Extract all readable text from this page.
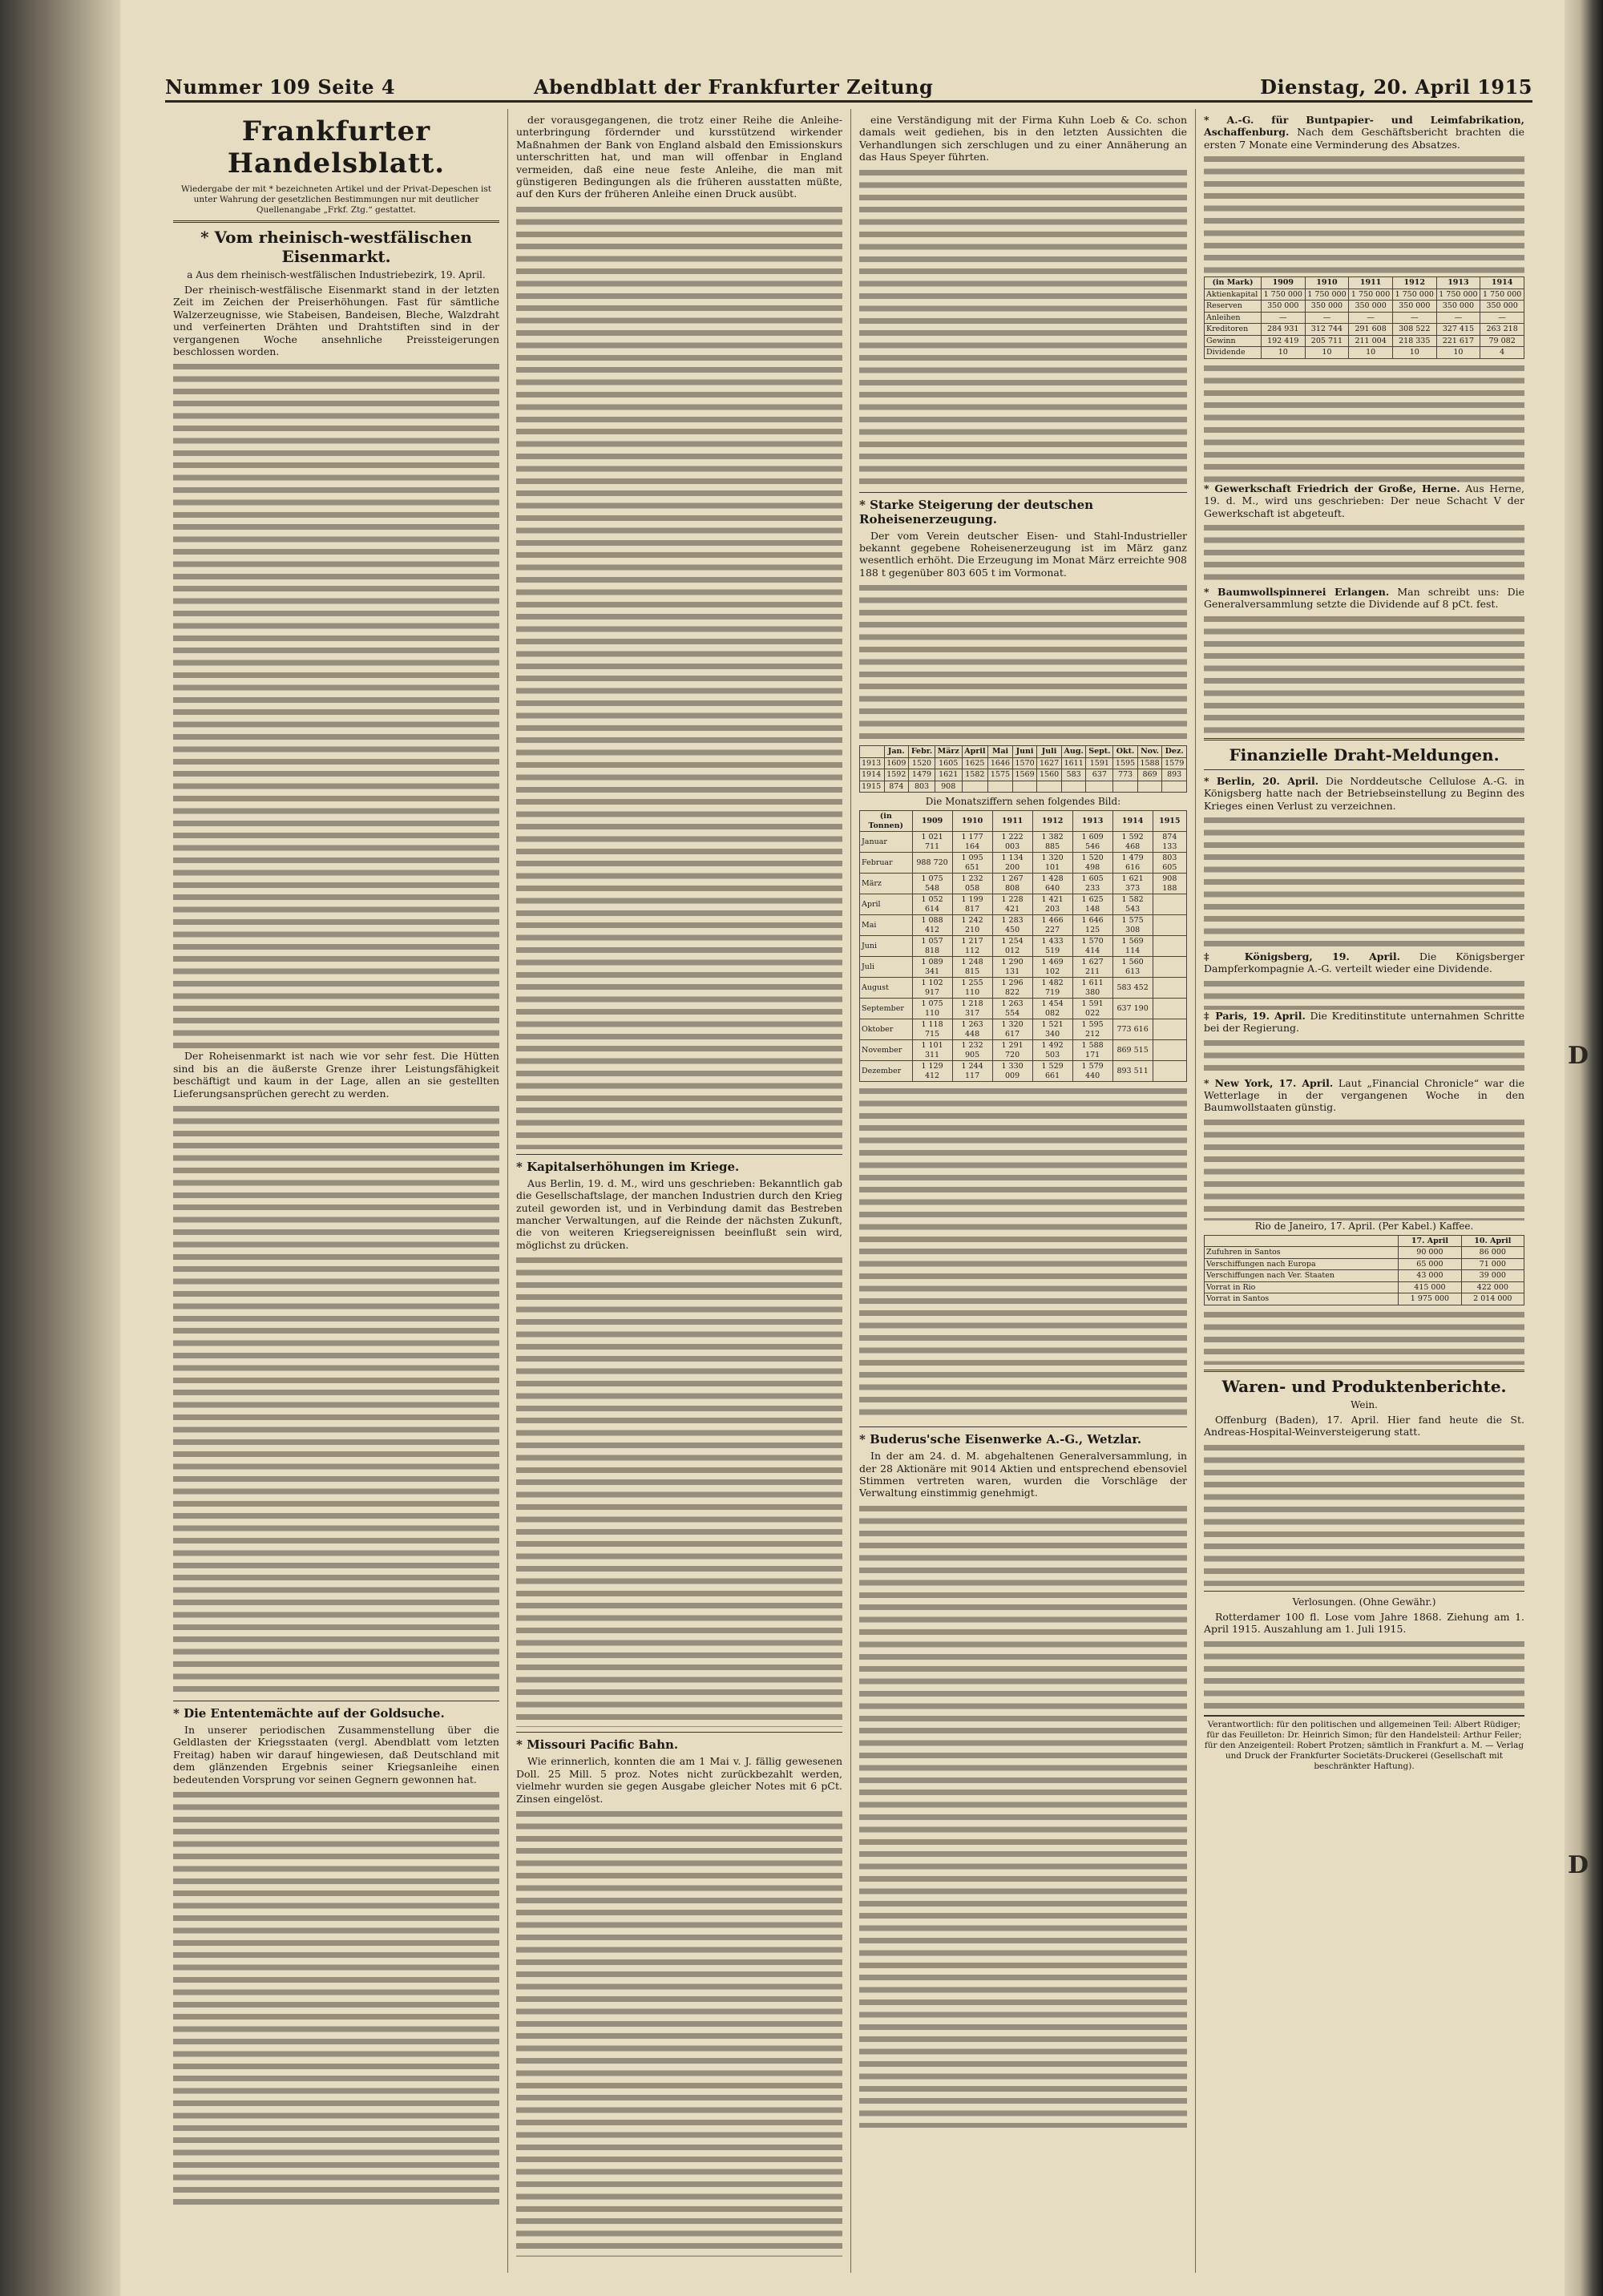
Nummer 109 Seite 4	Abendblatt der Frankfurter Zeitung	Dienstag, 20. April 1915
Frankfurter Handelsblatt.
Wiedergabe der mit * bezeichneten Artikel und der Privat-Depeschen ist unter Wahrung der gesetzlichen Bestimmungen nur mit deutlicher Quellenangabe „Frkf. Ztg.“ gestattet.
* Vom rheinisch-westfälischen Eisenmarkt.
a Aus dem rheinisch-westfälischen Industriebezirk, 19. April.

Der rheinisch-westfälische Eisenmarkt stand in der letzten Zeit im Zeichen der Preiserhöhungen. Fast für sämtliche Walzerzeugnisse, wie Stabeisen, Bandeisen, Bleche, Walzdraht und verfeinerten Drähten und Drahtstiften sind in der vergangenen Woche ansehnliche Preissteigerungen beschlossen worden.

Der Roheisenmarkt ist nach wie vor sehr fest. Die Hütten sind bis an die äußerste Grenze ihrer Leistungsfähigkeit beschäftigt und kaum in der Lage, allen an sie gestellten Lieferungsansprüchen gerecht zu werden.

* Die Ententemächte auf der Goldsuche.

In unserer periodischen Zusammenstellung über die Geldlasten der Kriegsstaaten (vergl. Abendblatt vom letzten Freitag) haben wir darauf hingewiesen, daß Deutschland mit dem glänzenden Ergebnis seiner Kriegsanleihe einen bedeutenden Vorsprung vor seinen Gegnern gewonnen hat.

der vorausgegangenen, die trotz einer Reihe die Anleihe-unterbringung fördernder und kursstützend wirkender Maßnahmen der Bank von England alsbald den Emissionskurs unterschritten hat, und man will offenbar in England vermeiden, daß eine neue feste Anleihe, die man mit günstigeren Bedingungen als die früheren ausstatten müßte, auf den Kurs der früheren Anleihe einen Druck ausübt.

* Kapitalserhöhungen im Kriege.

Aus Berlin, 19. d. M., wird uns geschrieben: Bekanntlich gab die Gesellschaftslage, der manchen Industrien durch den Krieg zuteil geworden ist, und in Verbindung damit das Bestreben mancher Verwaltungen, auf die Reinde der nächsten Zukunft, die von weiteren Kriegsereignissen beeinflußt sein wird, möglichst zu drücken.

* Missouri Pacific Bahn.

Wie erinnerlich, konnten die am 1 Mai v. J. fällig gewesenen Doll. 25 Mill. 5 proz. Notes nicht zurückbezahlt werden, vielmehr wurden sie gegen Ausgabe gleicher Notes mit 6 pCt. Zinsen eingelöst.

eine Verständigung mit der Firma Kuhn Loeb & Co. schon damals weit gediehen, bis in den letzten Aussichten die Verhandlungen sich zerschlugen und zu einer Annäherung an das Haus Speyer führten.

* Starke Steigerung der deutschen Roheisenerzeugung.

Der vom Verein deutscher Eisen- und Stahl-Industrieller bekannt gegebene Roheisenerzeugung ist im März ganz wesentlich erhöht. Die Erzeugung im Monat März erreichte 908 188 t gegenüber 803 605 t im Vormonat.

	Jan.	Febr.	März	April	Mai	Juni	Juli	Aug.	Sept.	Okt.	Nov.	Dez.
1913	1609	1520	1605	1625	1646	1570	1627	1611	1591	1595	1588	1579
1914	1592	1479	1621	1582	1575	1569	1560	583	637	773	869	893
1915	874	803	908									
Die Monatsziffern sehen folgendes Bild:
(in Tonnen)	1909	1910	1911	1912	1913	1914	1915
Januar	1 021 711	1 177 164	1 222 003	1 382 885	1 609 546	1 592 468	874 133
Februar	988 720	1 095 651	1 134 200	1 320 101	1 520 498	1 479 616	803 605
März	1 075 548	1 232 058	1 267 808	1 428 640	1 605 233	1 621 373	908 188
April	1 052 614	1 199 817	1 228 421	1 421 203	1 625 148	1 582 543	
Mai	1 088 412	1 242 210	1 283 450	1 466 227	1 646 125	1 575 308	
Juni	1 057 818	1 217 112	1 254 012	1 433 519	1 570 414	1 569 114	
Juli	1 089 341	1 248 815	1 290 131	1 469 102	1 627 211	1 560 613	
August	1 102 917	1 255 110	1 296 822	1 482 719	1 611 380	583 452	
September	1 075 110	1 218 317	1 263 554	1 454 082	1 591 022	637 190	
Oktober	1 118 715	1 263 448	1 320 617	1 521 340	1 595 212	773 616	
November	1 101 311	1 232 905	1 291 720	1 492 503	1 588 171	869 515	
Dezember	1 129 412	1 244 117	1 330 009	1 529 661	1 579 440	893 511	
* Buderus'sche Eisenwerke A.-G., Wetzlar.

In der am 24. d. M. abgehaltenen Generalversammlung, in der 28 Aktionäre mit 9014 Aktien und entsprechend ebensoviel Stimmen vertreten waren, wurden die Vorschläge der Verwaltung einstimmig genehmigt.

* A.-G. für Buntpapier- und Leimfabrikation, Aschaffenburg. Nach dem Geschäftsbericht brachten die ersten 7 Monate eine Verminderung des Absatzes.
(in Mark)	1909	1910	1911	1912	1913	1914
Aktienkapital	1 750 000	1 750 000	1 750 000	1 750 000	1 750 000	1 750 000
Reserven	350 000	350 000	350 000	350 000	350 000	350 000
Anleihen	—	—	—	—	—	—
Kreditoren	284 931	312 744	291 608	308 522	327 415	263 218
Gewinn	192 419	205 711	211 004	218 335	221 617	79 082
Dividende	10	10	10	10	10	4
* Gewerkschaft Friedrich der Große, Herne. Aus Herne, 19. d. M., wird uns geschrieben: Der neue Schacht V der Gewerkschaft ist abgeteuft.
* Baumwollspinnerei Erlangen. Man schreibt uns: Die Generalversammlung setzte die Dividende auf 8 pCt. fest.
Finanzielle Draht-Meldungen.
* Berlin, 20. April. Die Norddeutsche Cellulose A.-G. in Königsberg hatte nach der Betriebseinstellung zu Beginn des Krieges einen Verlust zu verzeichnen.
‡ Königsberg, 19. April. Die Königsberger Dampferkompagnie A.-G. verteilt wieder eine Dividende.
‡ Paris, 19. April. Die Kreditinstitute unternahmen Schritte bei der Regierung.
* New York, 17. April. Laut „Financial Chronicle“ war die Wetterlage in der vergangenen Woche in den Baumwollstaaten günstig.
Rio de Janeiro, 17. April. (Per Kabel.) Kaffee.
	17. April	10. April
Zufuhren in Santos	90 000	86 000
Verschiffungen nach Europa	65 000	71 000
Verschiffungen nach Ver. Staaten	43 000	39 000
Vorrat in Rio	415 000	422 000
Vorrat in Santos	1 975 000	2 014 000
Waren- und Produktenberichte.
Wein.

Offenburg (Baden), 17. April. Hier fand heute die St. Andreas-Hospital-Weinversteigerung statt.

Verlosungen. (Ohne Gewähr.)

Rotterdamer 100 fl. Lose vom Jahre 1868. Ziehung am 1. April 1915. Auszahlung am 1. Juli 1915.

Verantwortlich: für den politischen und allgemeinen Teil: Albert Rüdiger; für das Feuilleton: Dr. Heinrich Simon; für den Handelsteil: Arthur Feiler; für den Anzeigenteil: Robert Protzen; sämtlich in Frankfurt a. M. — Verlag und Druck der Frankfurter Societäts-Druckerei (Gesellschaft mit beschränkter Haftung).
D
D
